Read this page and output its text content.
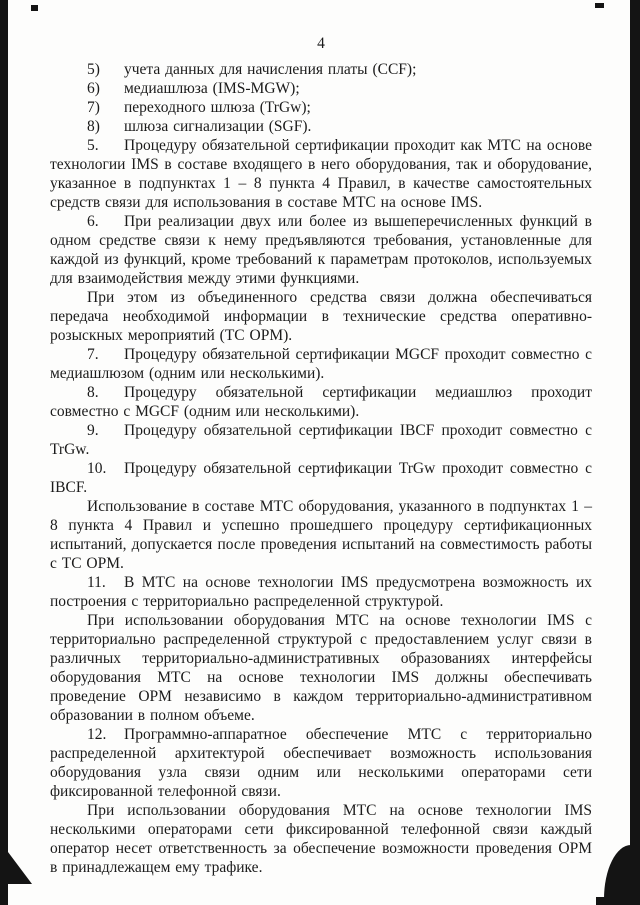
4
5) учета данных для начисления платы (CCF);
6) медиашлюза (IMS-MGW);
7) переходного шлюза (TrGw);
8) шлюза сигнализации (SGF).
5. Процедуру обязательной сертификации проходит как МТС на основе технологии IMS в составе входящего в него оборудования, так и оборудование, указанное в подпунктах 1 – 8 пункта 4 Правил, в качестве самостоятельных средств связи для использования в составе МТС на основе IMS.
6. При реализации двух или более из вышеперечисленных функций в одном средстве связи к нему предъявляются требования, установленные для каждой из функций, кроме требований к параметрам протоколов, используемых для взаимодействия между этими функциями.
При этом из объединенного средства связи должна обеспечиваться передача необходимой информации в технические средства оперативно-розыскных мероприятий (ТС ОРМ).
7. Процедуру обязательной сертификации MGCF проходит совместно с медиашлюзом (одним или несколькими).
8. Процедуру обязательной сертификации медиашлюз проходит совместно с MGCF (одним или несколькими).
9. Процедуру обязательной сертификации IBCF проходит совместно с TrGw.
10. Процедуру обязательной сертификации TrGw проходит совместно с IBCF.
Использование в составе МТС оборудования, указанного в подпунктах 1 – 8 пункта 4 Правил и успешно прошедшего процедуру сертификационных испытаний, допускается после проведения испытаний на совместимость работы с ТС ОРМ.
11. В МТС на основе технологии IMS предусмотрена возможность их построения с территориально распределенной структурой.
При использовании оборудования МТС на основе технологии IMS с территориально распределенной структурой с предоставлением услуг связи в различных территориально-административных образованиях интерфейсы оборудования МТС на основе технологии IMS должны обеспечивать проведение ОРМ независимо в каждом территориально-административном образовании в полном объеме.
12. Программно-аппаратное обеспечение МТС с территориально распределенной архитектурой обеспечивает возможность использования оборудования узла связи одним или несколькими операторами сети фиксированной телефонной связи.
При использовании оборудования МТС на основе технологии IMS несколькими операторами сети фиксированной телефонной связи каждый оператор несет ответственность за обеспечение возможности проведения ОРМ в принадлежащем ему трафике.
